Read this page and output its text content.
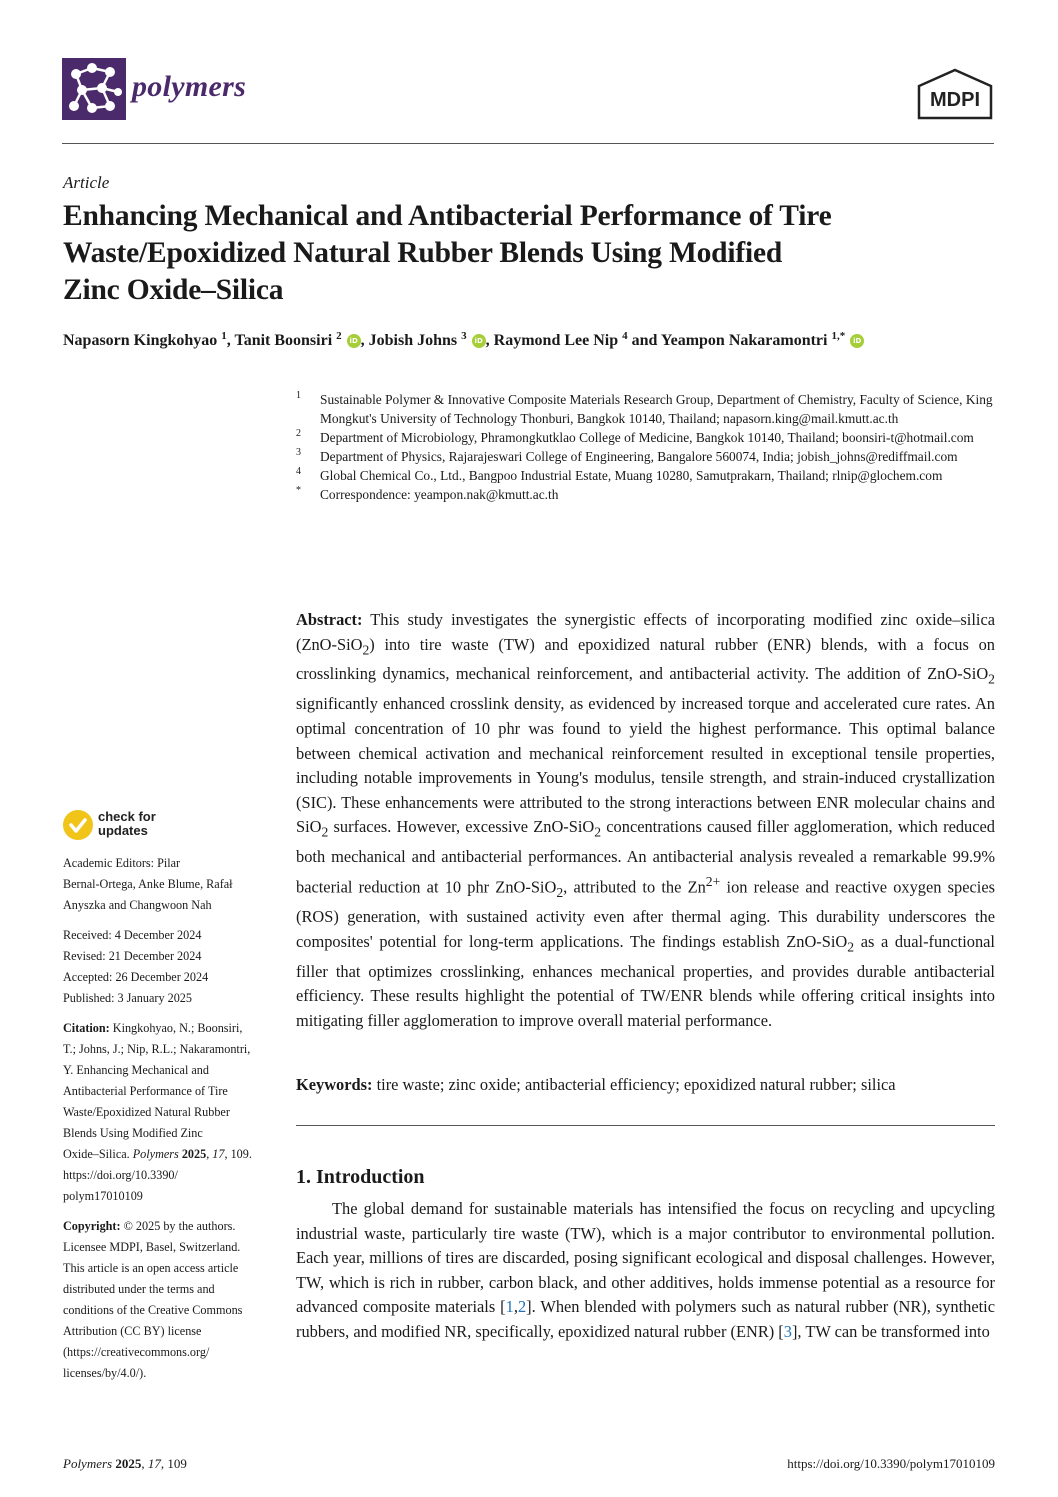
polymers	MDPI
Article
Enhancing Mechanical and Antibacterial Performance of Tire
Waste/Epoxidized Natural Rubber Blends Using Modified
Zinc Oxide–Silica
Napasorn Kingkohyao $^1$, Tanit Boonsiri $^2$ iD , Jobish Johns $^3$ iD , Raymond Lee Nip $^4$ and Yeampon Nakaramontri $^{1,*}$ iD
1 Sustainable Polymer & Innovative Composite Materials Research Group, Department of Chemistry, Faculty of Science, King Mongkut's University of Technology Thonburi, Bangkok 10140, Thailand; napasorn.king@mail.kmutt.ac.th
2 Department of Microbiology, Phramongkutklao College of Medicine, Bangkok 10140, Thailand; boonsiri-t@hotmail.com
3 Department of Physics, Rajarajeswari College of Engineering, Bangalore 560074, India; jobish_johns@rediffmail.com
4 Global Chemical Co., Ltd., Bangpoo Industrial Estate, Muang 10280, Samutprakarn, Thailand; rlnip@glochem.com
* Correspondence: yeampon.nak@kmutt.ac.th
Abstract: This study investigates the synergistic effects of incorporating modified zinc oxide–silica (ZnO-SiO$_2$) into tire waste (TW) and epoxidized natural rubber (ENR) blends, with a focus on crosslinking dynamics, mechanical reinforcement, and antibacterial activity. The addition of ZnO-SiO$_2$ significantly enhanced crosslink density, as evidenced by increased torque and accelerated cure rates. An optimal concentration of 10 phr was found to yield the highest performance. This optimal balance between chemical activation and mechanical reinforcement resulted in exceptional tensile properties, including notable improvements in Young's modulus, tensile strength, and strain-induced crystallization (SIC). These enhancements were attributed to the strong interactions between ENR molecular chains and SiO$_2$ surfaces. However, excessive ZnO-SiO$_2$ concentrations caused filler agglomeration, which reduced both mechanical and antibacterial performances. An antibacterial analysis revealed a remarkable 99.9% bacterial reduction at 10 phr ZnO-SiO$_2$, attributed to the $Zn^{2+}$ ion release and reactive oxygen species (ROS) generation, with sustained activity even after thermal aging. This durability underscores the composites' potential for long-term applications. The findings establish ZnO-SiO$_2$ as a dual-functional filler that optimizes crosslinking, enhances mechanical properties, and provides durable antibacterial efficiency. These results highlight the potential of TW/ENR blends while offering critical insights into mitigating filler agglomeration to improve overall material performance.
Keywords: tire waste; zinc oxide; antibacterial efficiency; epoxidized natural rubber; silica
1. Introduction
The global demand for sustainable materials has intensified the focus on recycling and upcycling industrial waste, particularly tire waste (TW), which is a major contributor to environmental pollution. Each year, millions of tires are discarded, posing significant ecological and disposal challenges. However, TW, which is rich in rubber, carbon black, and other additives, holds immense potential as a resource for advanced composite materials [1,2]. When blended with polymers such as natural rubber (NR), synthetic rubbers, and modified NR, specifically, epoxidized natural rubber (ENR) [3], TW can be transformed into
check for
updates

Academic Editors: Pilar
Bernal-Ortega, Anke Blume, Rafał
Anyszka and Changwoon Nah

Received: 4 December 2024
Revised: 21 December 2024
Accepted: 26 December 2024
Published: 3 January 2025

Citation: Kingkohyao, N.; Boonsiri,
T.; Johns, J.; Nip, R.L.; Nakaramontri,
Y. Enhancing Mechanical and
Antibacterial Performance of Tire
Waste/Epoxidized Natural Rubber
Blends Using Modified Zinc
Oxide–Silica. Polymers 2025, 17, 109.
https://doi.org/10.3390/
polym17010109

Copyright: © 2025 by the authors.
Licensee MDPI, Basel, Switzerland.
This article is an open access article
distributed under the terms and
conditions of the Creative Commons
Attribution (CC BY) license
(https://creativecommons.org/
licenses/by/4.0/).

Polymers 2025, 17, 109	https://doi.org/10.3390/polym17010109
